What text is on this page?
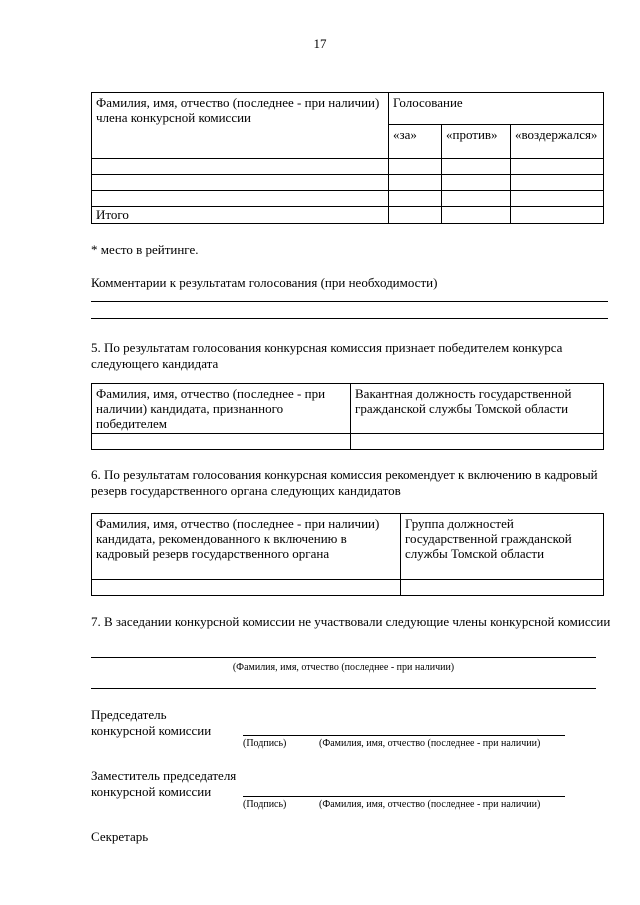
17
Фамилия, имя, отчество (последнее - при наличии) члена конкурсной комиссии	Голосование		
	«за»	«против»	«воздержался»

Итого			
* место в рейтинге.
Комментарии к результатам голосования (при необходимости)
5. По результатам голосования конкурсная комиссия признает победителем конкурса следующего кандидата
Фамилия, имя, отчество (последнее - при наличии) кандидата, признанного победителем	Вакантная должность государственной гражданской службы Томской области

6. По результатам голосования конкурсная комиссия рекомендует к включению в кадровый резерв государственного органа следующих кандидатов
Фамилия, имя, отчество (последнее - при наличии) кандидата, рекомендованного к включению в кадровый резерв государственного органа	Группа должностей государственной гражданской службы Томской области

7. В заседании конкурсной комиссии не участвовали следующие члены конкурсной комиссии
(Фамилия, имя, отчество (последнее - при наличии)
Председатель
конкурсной комиссии
(Подпись)	(Фамилия, имя, отчество (последнее - при наличии)
Заместитель председателя
конкурсной комиссии
(Подпись)	(Фамилия, имя, отчество (последнее - при наличии)
Секретарь
